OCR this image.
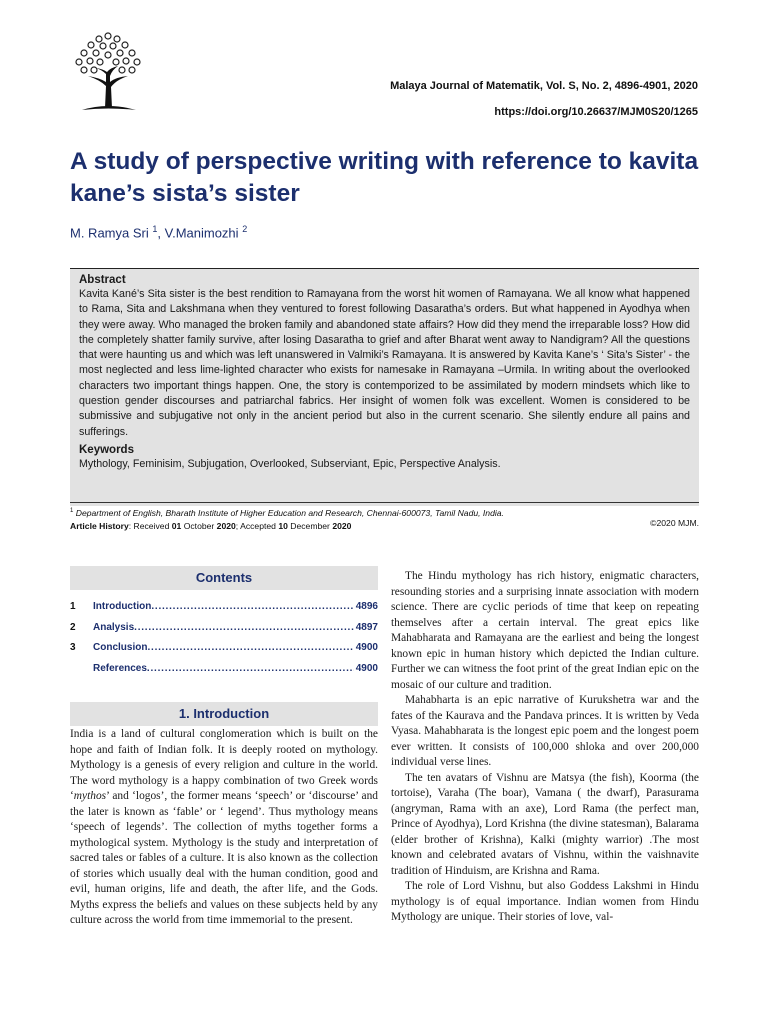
Malaya Journal of Matematik, Vol. S, No. 2, 4896-4901, 2020
https://doi.org/10.26637/MJM0S20/1265
A study of perspective writing with reference to kavita kane’s sista’s sister
M. Ramya Sri $^1$, V.Manimozhi $^2$
Abstract

Kavita Kané’s Sita sister is the best rendition to Ramayana from the worst hit women of Ramayana. We all know what happened to Rama, Sita and Lakshmana when they ventured to forest following Dasaratha’s orders. But what happened in Ayodhya when they were away. Who managed the broken family and abandoned state affairs? How did they mend the irreparable loss? How did the completely shatter family survive, after losing Dasaratha to grief and after Bharat went away to Nandigram? All the questions that were haunting us and which was left unanswered in Valmiki’s Ramayana. It is answered by Kavita Kane’s ‘ Sita’s Sister’ - the most neglected and less lime-lighted character who exists for namesake in Ramayana –Urmila. In writing about the overlooked characters two important things happen. One, the story is contemporized to be assimilated by modern mindsets which like to question gender discourses and patriarchal fabrics. Her insight of women folk was excellent. Women is considered to be submissive and subjugative not only in the ancient period but also in the current scenario. She silently endure all pains and sufferings.

Keywords

Mythology, Feminisim, Subjugation, Overlooked, Subserviant, Epic, Perspective Analysis.

$^1$ Department of English, Bharath Institute of Higher Education and Research, Chennai-600073, Tamil Nadu, India.
Article History: Received 01 October 2020; Accepted 10 December 2020	©2020 MJM.
Contents
1	Introduction . . .	4896
2	Analysis . . .	4897
3	Conclusion . . .	4900
References . . .	4900
1. Introduction

India is a land of cultural conglomeration which is built on the hope and faith of Indian folk. It is deeply rooted on mythology. Mythology is a genesis of every religion and culture in the world. The word mythology is a happy combination of two Greek words ‘mythos’ and ‘logos’, the former means ‘speech’ or ‘discourse’ and the later is known as ‘fable’ or ‘ legend’. Thus mythology means ‘speech of legends’. The collection of myths together forms a mythological system. Mythology is the study and interpretation of sacred tales or fables of a culture. It is also known as the collection of stories which usually deal with the human condition, good and evil, human origins, life and death, the after life, and the Gods. Myths express the beliefs and values on these subjects held by any culture across the world from time immemorial to the present.

The Hindu mythology has rich history, enigmatic characters, resounding stories and a surprising innate association with modern science. There are cyclic periods of time that keep on repeating themselves after a certain interval. The great epics like Mahabharata and Ramayana are the earliest and being the longest known epic in human history which depicted the Indian culture. Further we can witness the foot print of the great Indian epic on the mosaic of our culture and tradition.

Mahabharta is an epic narrative of Kurukshetra war and the fates of the Kaurava and the Pandava princes. It is written by Veda Vyasa. Mahabharata is the longest epic poem and the longest poem ever written. It consists of 100,000 shloka and over 200,000 individual verse lines.

The ten avatars of Vishnu are Matsya (the fish), Koorma (the tortoise), Varaha (The boar), Vamana ( the dwarf), Parasurama (angryman, Rama with an axe), Lord Rama (the perfect man, Prince of Ayodhya), Lord Krishna (the divine statesman), Balarama (elder brother of Krishna), Kalki (mighty warrior) .The most known and celebrated avatars of Vishnu, within the vaishnavite tradition of Hinduism, are Krishna and Rama.

The role of Lord Vishnu, but also Goddess Lakshmi in Hindu mythology is of equal importance. Indian women from Hindu Mythology are unique. Their stories of love, val-
